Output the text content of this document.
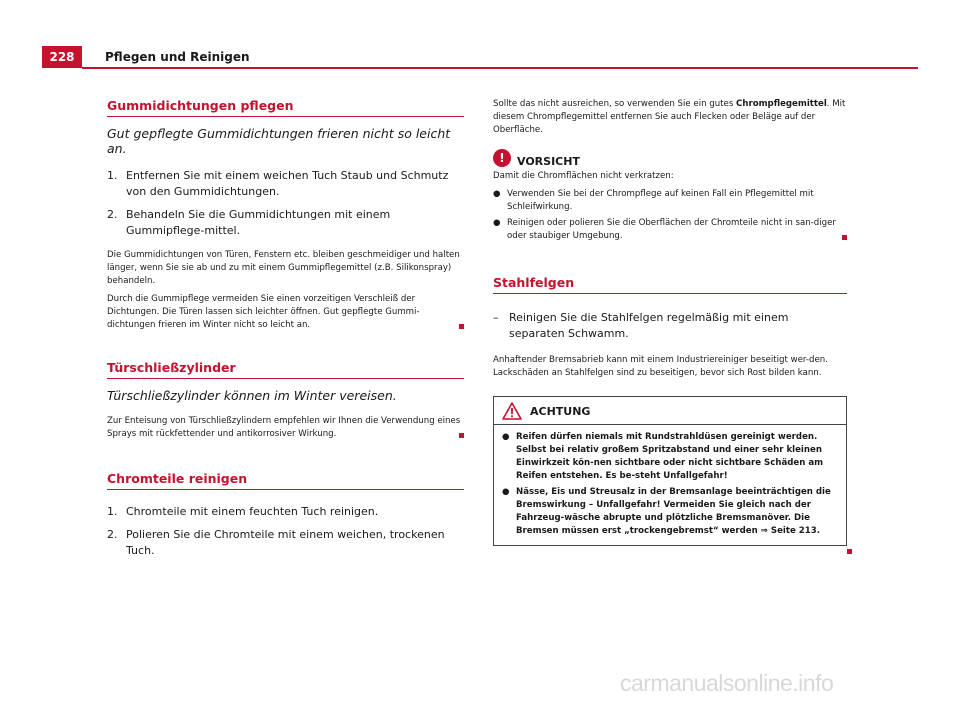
228	Pflegen und Reinigen
Gummidichtungen pflegen
Gut gepflegte Gummidichtungen frieren nicht so leicht an.
1. Entfernen Sie mit einem weichen Tuch Staub und Schmutz von den Gummidichtungen.
2. Behandeln Sie die Gummidichtungen mit einem Gummipflege-mittel.

Die Gummidichtungen von Türen, Fenstern etc. bleiben geschmeidiger und halten länger, wenn Sie sie ab und zu mit einem Gummipflegemittel (z.B. Silikonspray) behandeln.

Durch die Gummipflege vermeiden Sie einen vorzeitigen Verschleiß der Dichtungen. Die Türen lassen sich leichter öffnen. Gut gepflegte Gummi-dichtungen frieren im Winter nicht so leicht an.

Türschließzylinder
Türschließzylinder können im Winter vereisen.

Zur Enteisung von Türschließzylindern empfehlen wir Ihnen die Verwendung eines Sprays mit rückfettender und antikorrosiver Wirkung.

Chromteile reinigen
1. Chromteile mit einem feuchten Tuch reinigen.
2. Polieren Sie die Chromteile mit einem weichen, trockenen Tuch.

Sollte das nicht ausreichen, so verwenden Sie ein gutes Chrompflegemittel. Mit diesem Chrompflegemittel entfernen Sie auch Flecken oder Beläge auf der Oberfläche.

!	VORSICHT

Damit die Chromflächen nicht verkratzen:

● Verwenden Sie bei der Chrompflege auf keinen Fall ein Pflegemittel mit Schleifwirkung.
● Reinigen oder polieren Sie die Oberflächen der Chromteile nicht in san-diger oder staubiger Umgebung.
Stahlfelgen
– Reinigen Sie die Stahlfelgen regelmäßig mit einem separaten Schwamm.

Anhaftender Bremsabrieb kann mit einem Industriereiniger beseitigt wer-den. Lackschäden an Stahlfelgen sind zu beseitigen, bevor sich Rost bilden kann.

ACHTUNG
● Reifen dürfen niemals mit Rundstrahldüsen gereinigt werden. Selbst bei relativ großem Spritzabstand und einer sehr kleinen Einwirkzeit kön-nen sichtbare oder nicht sichtbare Schäden am Reifen entstehen. Es be-steht Unfallgefahr!
● Nässe, Eis und Streusalz in der Bremsanlage beeinträchtigen die Bremswirkung – Unfallgefahr! Vermeiden Sie gleich nach der Fahrzeug-wäsche abrupte und plötzliche Bremsmanöver. Die Bremsen müssen erst „trockengebremst“ werden ⇒ Seite 213.
carmanualsonline.info
